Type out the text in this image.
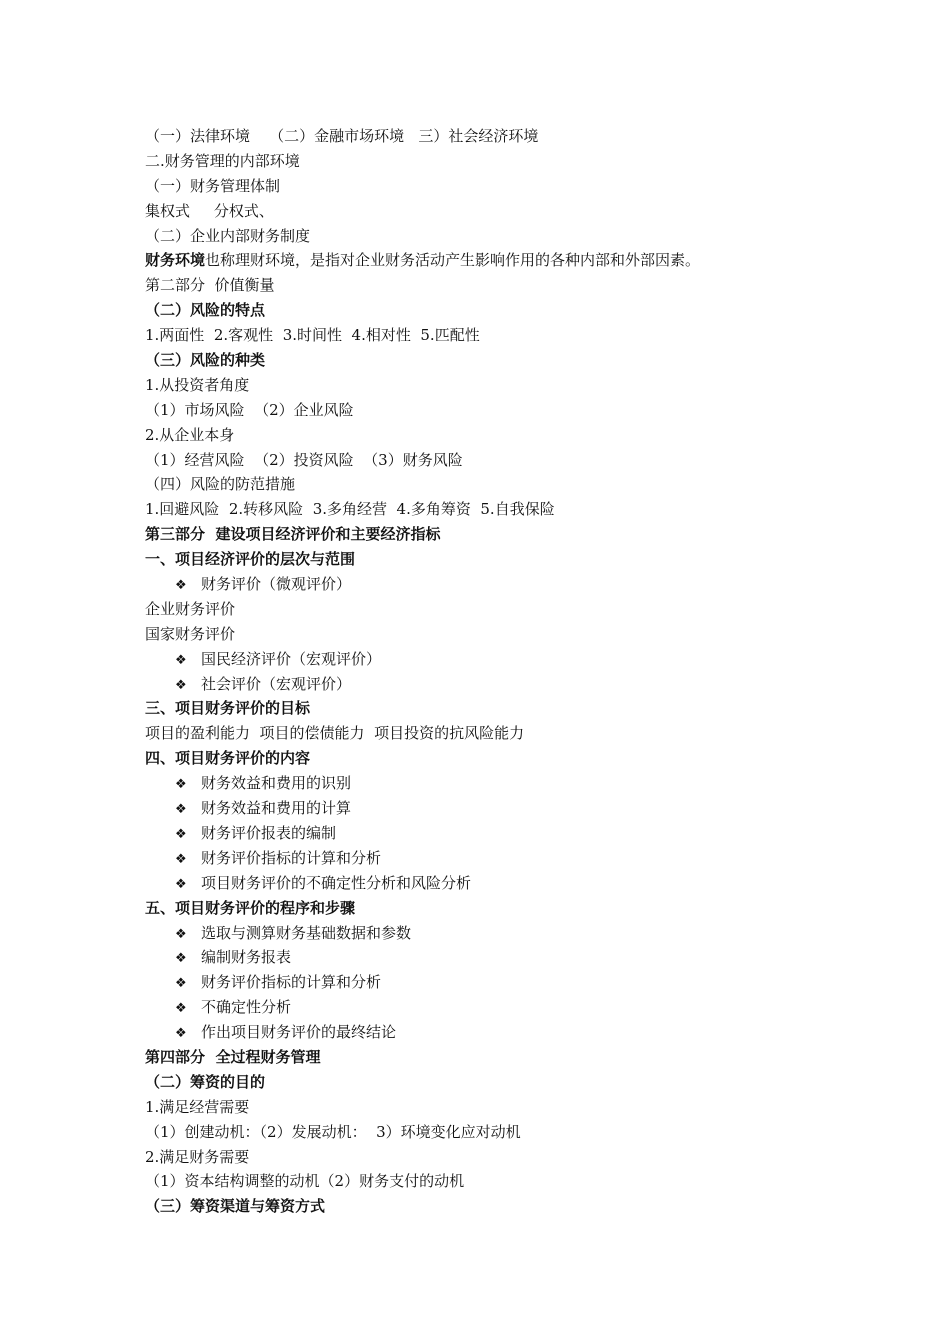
（一）法律环境    （二）金融市场环境   三）社会经济环境
二.财务管理的内部环境
（一）财务管理体制
集权式     分权式、
（二）企业内部财务制度
财务环境也称理财环境，是指对企业财务活动产生影响作用的各种内部和外部因素。
第二部分  价值衡量
（二）风险的特点
1.两面性  2.客观性  3.时间性  4.相对性  5.匹配性
（三）风险的种类
1.从投资者角度
（1）市场风险  （2）企业风险
2.从企业本身
（1）经营风险  （2）投资风险  （3）财务风险
（四）风险的防范措施
1.回避风险  2.转移风险  3.多角经营  4.多角筹资  5.自我保险
第三部分  建设项目经济评价和主要经济指标
一、项目经济评价的层次与范围
❖ 财务评价（微观评价）
企业财务评价
国家财务评价
❖ 国民经济评价（宏观评价）
❖ 社会评价（宏观评价）
三、项目财务评价的目标
项目的盈利能力  项目的偿债能力  项目投资的抗风险能力
四、项目财务评价的内容
❖ 财务效益和费用的识别
❖ 财务效益和费用的计算
❖ 财务评价报表的编制
❖ 财务评价指标的计算和分析
❖ 项目财务评价的不确定性分析和风险分析
五、项目财务评价的程序和步骤
❖ 选取与测算财务基础数据和参数
❖ 编制财务报表
❖ 财务评价指标的计算和分析
❖ 不确定性分析
❖ 作出项目财务评价的最终结论
第四部分  全过程财务管理
（二）筹资的目的
1.满足经营需要
（1）创建动机：（2）发展动机：  3）环境变化应对动机
2.满足财务需要
（1）资本结构调整的动机（2）财务支付的动机
（三）筹资渠道与筹资方式
